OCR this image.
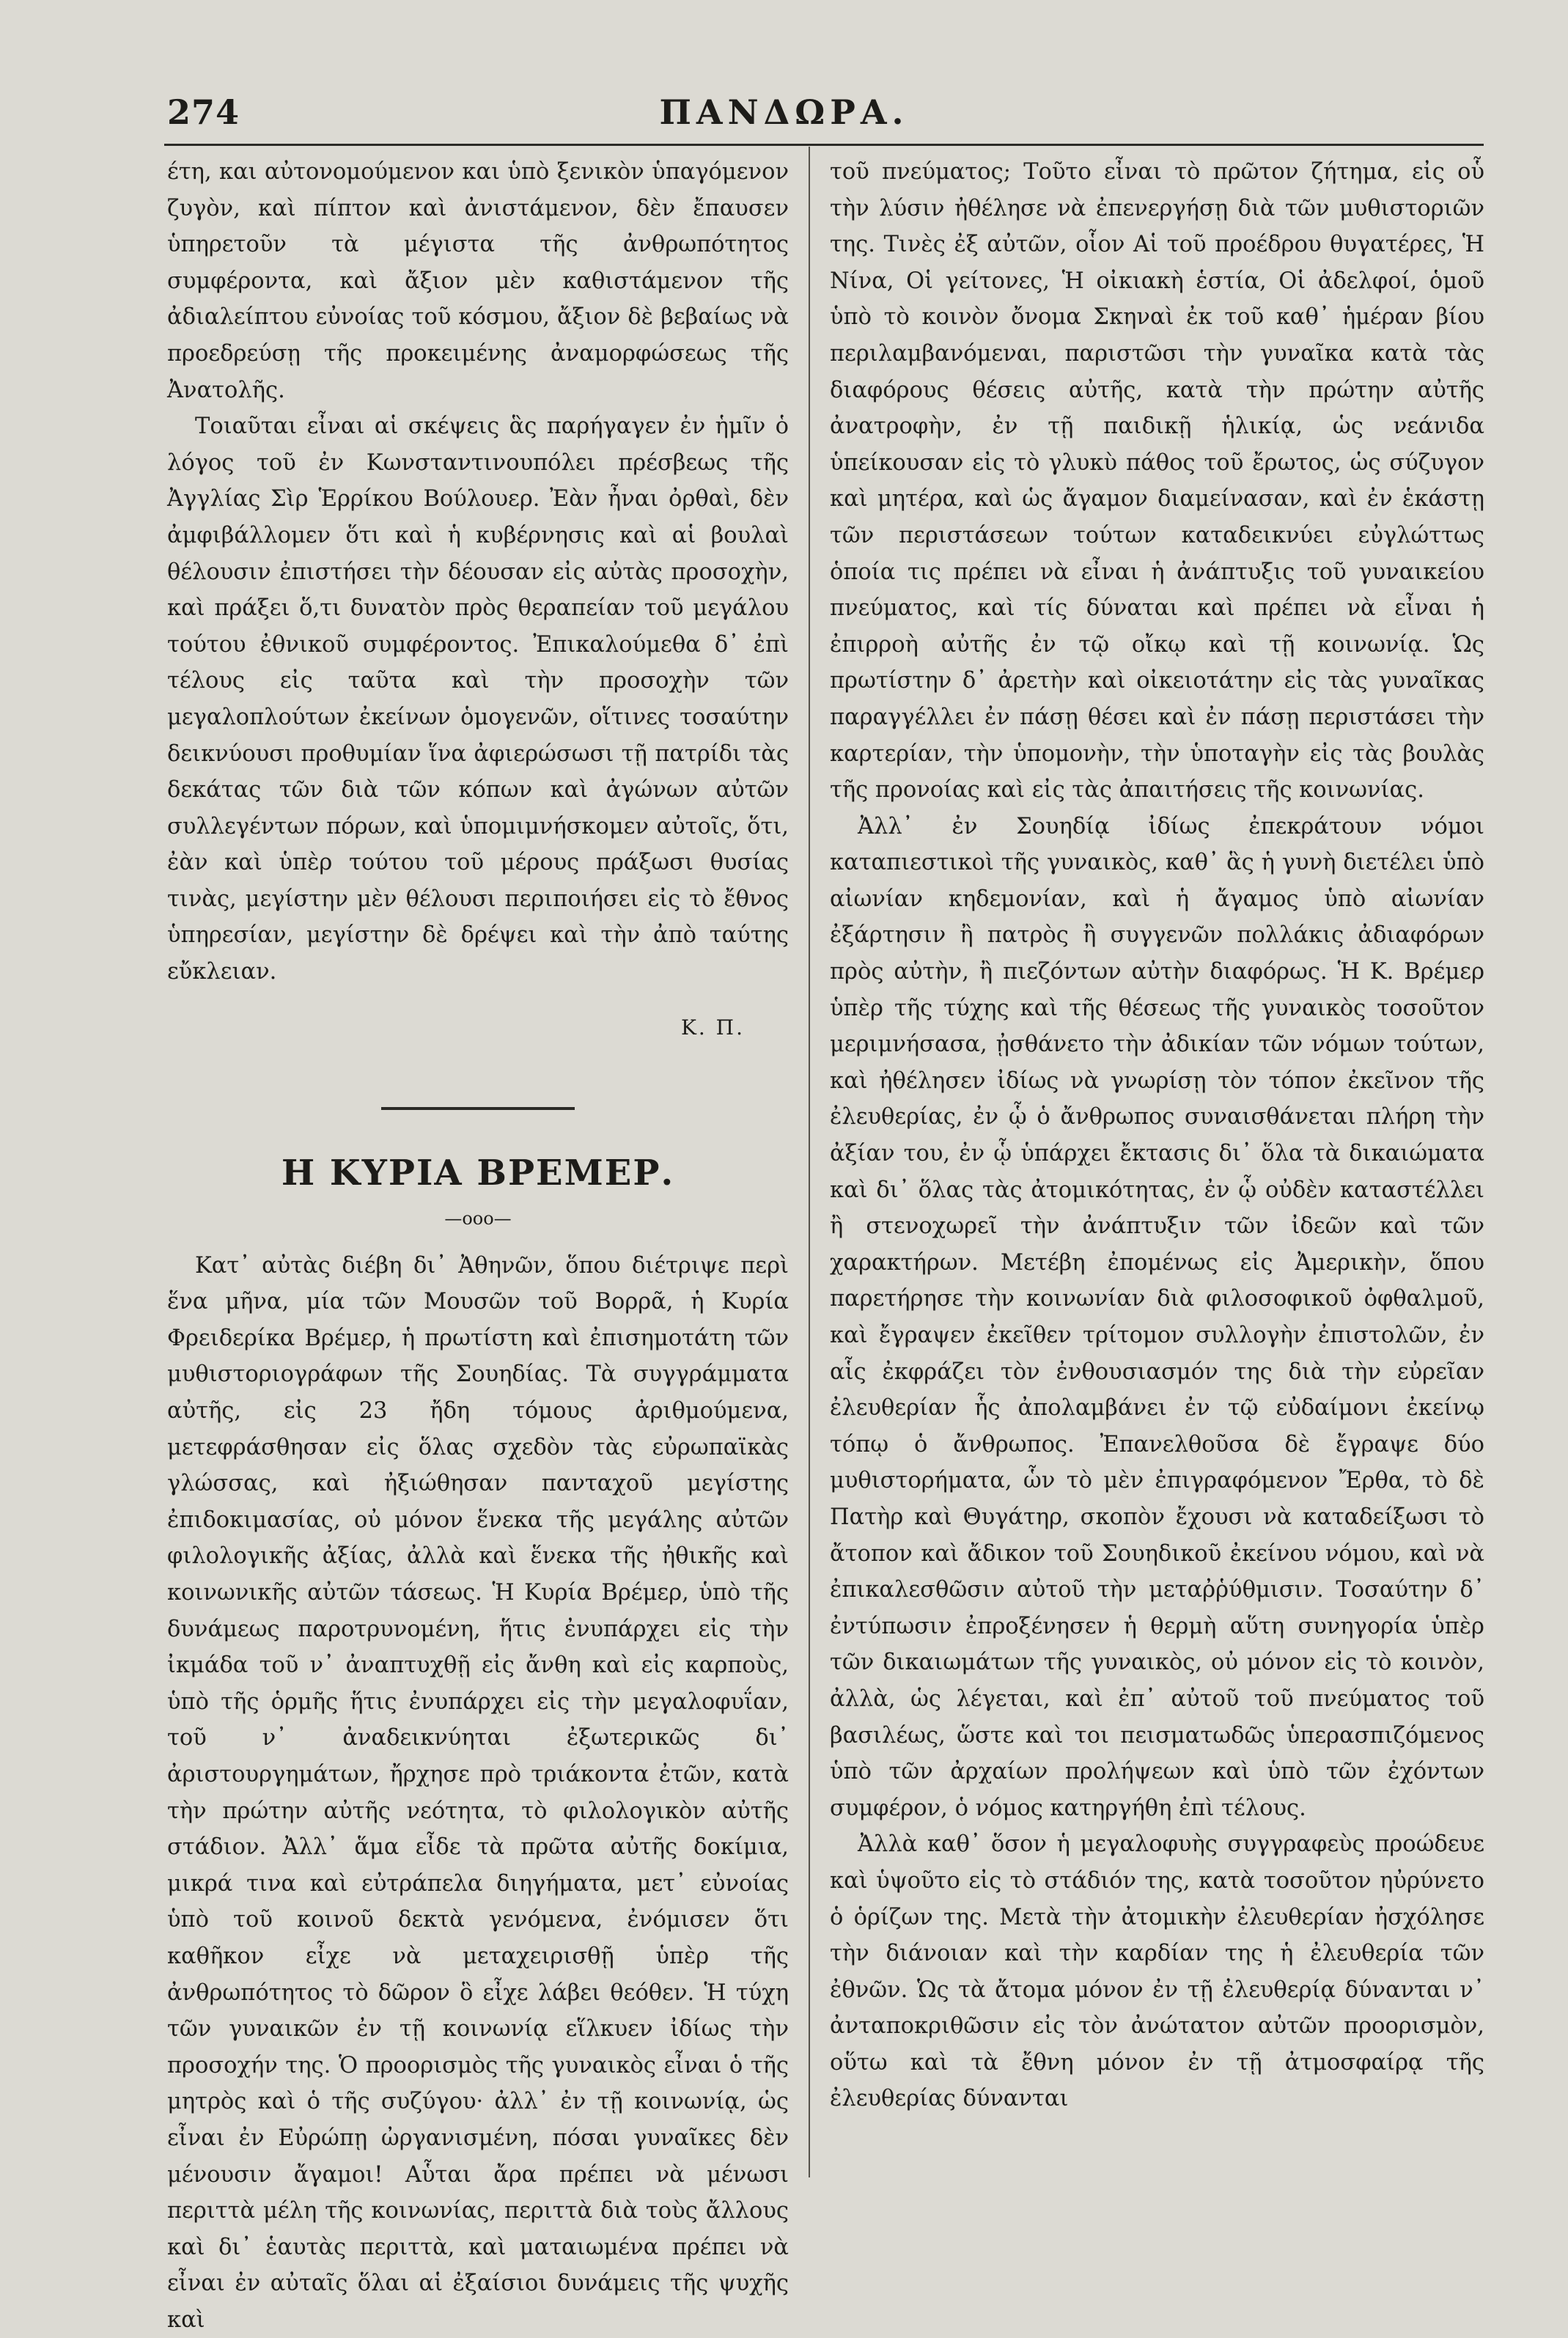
274	ΠΑΝΔΩΡΑ.

έτη, και αὐτονομούμενον και ὑπὸ ξενικὸν ὑπαγόμενον ζυγὸν, καὶ πίπτον καὶ ἀνιστάμενον, δὲν ἔπαυσεν ὑπηρετοῦν τὰ μέγιστα τῆς ἀνθρωπότητος συμφέροντα, καὶ ἄξιον μὲν καθιστάμενον τῆς ἀδιαλείπτου εὐνοίας τοῦ κόσμου, ἄξιον δὲ βεβαίως νὰ προεδρεύσῃ τῆς προκειμένης ἀναμορφώσεως τῆς Ἀνατολῆς.

Τοιαῦται εἶναι αἱ σκέψεις ἃς παρήγαγεν ἐν ἡμῖν ὁ λόγος τοῦ ἐν Κωνσταντινουπόλει πρέσβεως τῆς Ἀγγλίας Σὶρ Ἑρρίκου Βούλουερ. Ἐὰν ἦναι ὀρθαὶ, δὲν ἀμφιβάλλομεν ὅτι καὶ ἡ κυβέρνησις καὶ αἱ βουλαὶ θέλουσιν ἐπιστήσει τὴν δέουσαν εἰς αὐτὰς προσοχὴν, καὶ πράξει ὅ,τι δυνατὸν πρὸς θεραπείαν τοῦ μεγάλου τούτου ἐθνικοῦ συμφέροντος. Ἐπικαλούμεθα δ᾽ ἐπὶ τέλους εἰς ταῦτα καὶ τὴν προσοχὴν τῶν μεγαλοπλούτων ἐκείνων ὁμογενῶν, οἵτινες τοσαύτην δεικνύουσι προθυμίαν ἵνα ἀφιερώσωσι τῇ πατρίδι τὰς δεκάτας τῶν διὰ τῶν κόπων καὶ ἀγώνων αὐτῶν συλλεγέντων πόρων, καὶ ὑπομιμνήσκομεν αὐτοῖς, ὅτι, ἐὰν καὶ ὑπὲρ τούτου τοῦ μέρους πράξωσι θυσίας τινὰς, μεγίστην μὲν θέλουσι περιποιήσει εἰς τὸ ἔθνος ὑπηρεσίαν, μεγίστην δὲ δρέψει καὶ τὴν ἀπὸ ταύτης εὔκλειαν.

Κ. Π.
Η ΚΥΡΙΑ ΒΡΕΜΕΡ.
—ooo—

Κατ᾽ αὐτὰς διέβη δι᾽ Ἀθηνῶν, ὅπου διέτριψε περὶ ἕνα μῆνα, μία τῶν Μουσῶν τοῦ Βορρᾶ, ἡ Κυρία Φρειδερίκα Βρέμερ, ἡ πρωτίστη καὶ ἐπισημοτάτη τῶν μυθιστοριογράφων τῆς Σουηδίας. Τὰ συγγράμματα αὐτῆς, εἰς 23 ἤδη τόμους ἀριθμούμενα, μετεφράσθησαν εἰς ὅλας σχεδὸν τὰς εὐρωπαϊκὰς γλώσσας, καὶ ἠξιώθησαν πανταχοῦ μεγίστης ἐπιδοκιμασίας, οὐ μόνον ἕνεκα τῆς μεγάλης αὐτῶν φιλολογικῆς ἀξίας, ἀλλὰ καὶ ἕνεκα τῆς ἠθικῆς καὶ κοινωνικῆς αὐτῶν τάσεως. Ἡ Κυρία Βρέμερ, ὑπὸ τῆς δυνάμεως παροτρυνομένη, ἥτις ἐνυπάρχει εἰς τὴν ἰκμάδα τοῦ ν᾽ ἀναπτυχθῇ εἰς ἄνθη καὶ εἰς καρποὺς, ὑπὸ τῆς ὁρμῆς ἥτις ἐνυπάρχει εἰς τὴν μεγαλοφυΐαν, τοῦ ν᾽ ἀναδεικνύηται ἐξωτερικῶς δι᾽ ἀριστουργημάτων, ἤρχησε πρὸ τριάκοντα ἐτῶν, κατὰ τὴν πρώτην αὐτῆς νεότητα, τὸ φιλολογικὸν αὐτῆς στάδιον. Ἀλλ᾽ ἅμα εἶδε τὰ πρῶτα αὐτῆς δοκίμια, μικρά τινα καὶ εὐτράπελα διηγήματα, μετ᾽ εὐνοίας ὑπὸ τοῦ κοινοῦ δεκτὰ γενόμενα, ἐνόμισεν ὅτι καθῆκον εἶχε νὰ μεταχειρισθῇ ὑπὲρ τῆς ἀνθρωπότητος τὸ δῶρον ὃ εἶχε λάβει θεόθεν. Ἡ τύχη τῶν γυναικῶν ἐν τῇ κοινωνίᾳ εἵλκυεν ἰδίως τὴν προσοχήν της. Ὁ προορισμὸς τῆς γυναικὸς εἶναι ὁ τῆς μητρὸς καὶ ὁ τῆς συζύγου· ἀλλ᾽ ἐν τῇ κοινωνίᾳ, ὡς εἶναι ἐν Εὐρώπῃ ὠργανισμένη, πόσαι γυναῖκες δὲν μένουσιν ἄγαμοι! Αὗται ἄρα πρέπει νὰ μένωσι περιττὰ μέλη τῆς κοινωνίας, περιττὰ διὰ τοὺς ἄλλους καὶ δι᾽ ἑαυτὰς περιττὰ, καὶ ματαιωμένα πρέπει νὰ εἶναι ἐν αὐταῖς ὅλαι αἱ ἐξαίσιοι δυνάμεις τῆς ψυχῆς καὶ

τοῦ πνεύματος; Τοῦτο εἶναι τὸ πρῶτον ζήτημα, εἰς οὗ τὴν λύσιν ἠθέλησε νὰ ἐπενεργήσῃ διὰ τῶν μυθιστοριῶν της. Τινὲς ἐξ αὐτῶν, οἷον Αἱ τοῦ προέδρου θυγατέρες, Ἡ Νίνα, Οἱ γείτονες, Ἡ οἰκιακὴ ἑστία, Οἱ ἀδελφοί, ὁμοῦ ὑπὸ τὸ κοινὸν ὄνομα Σκηναὶ ἐκ τοῦ καθ᾽ ἡμέραν βίου περιλαμβανόμεναι, παριστῶσι τὴν γυναῖκα κατὰ τὰς διαφόρους θέσεις αὐτῆς, κατὰ τὴν πρώτην αὐτῆς ἀνατροφὴν, ἐν τῇ παιδικῇ ἡλικίᾳ, ὡς νεάνιδα ὑπείκουσαν εἰς τὸ γλυκὺ πάθος τοῦ ἔρωτος, ὡς σύζυγον καὶ μητέρα, καὶ ὡς ἄγαμον διαμείνασαν, καὶ ἐν ἑκάστῃ τῶν περιστάσεων τούτων καταδεικνύει εὐγλώττως ὁποία τις πρέπει νὰ εἶναι ἡ ἀνάπτυξις τοῦ γυναικείου πνεύματος, καὶ τίς δύναται καὶ πρέπει νὰ εἶναι ἡ ἐπιρροὴ αὐτῆς ἐν τῷ οἴκῳ καὶ τῇ κοινωνίᾳ. Ὡς πρωτίστην δ᾽ ἀρετὴν καὶ οἰκειοτάτην εἰς τὰς γυναῖκας παραγγέλλει ἐν πάσῃ θέσει καὶ ἐν πάσῃ περιστάσει τὴν καρτερίαν, τὴν ὑπομονὴν, τὴν ὑποταγὴν εἰς τὰς βουλὰς τῆς προνοίας καὶ εἰς τὰς ἀπαιτήσεις τῆς κοινωνίας.

Ἀλλ᾽ ἐν Σουηδίᾳ ἰδίως ἐπεκράτουν νόμοι καταπιεστικοὶ τῆς γυναικὸς, καθ᾽ ἃς ἡ γυνὴ διετέλει ὑπὸ αἰωνίαν κηδεμονίαν, καὶ ἡ ἄγαμος ὑπὸ αἰωνίαν ἐξάρτησιν ἢ πατρὸς ἢ συγγενῶν πολλάκις ἀδιαφόρων πρὸς αὐτὴν, ἢ πιεζόντων αὐτὴν διαφόρως. Ἡ Κ. Βρέμερ ὑπὲρ τῆς τύχης καὶ τῆς θέσεως τῆς γυναικὸς τοσοῦτον μεριμνήσασα, ᾐσθάνετο τὴν ἀδικίαν τῶν νόμων τούτων, καὶ ἠθέλησεν ἰδίως νὰ γνωρίσῃ τὸν τόπον ἐκεῖνον τῆς ἐλευθερίας, ἐν ᾧ ὁ ἄνθρωπος συναισθάνεται πλήρη τὴν ἀξίαν του, ἐν ᾧ ὑπάρχει ἔκτασις δι᾽ ὅλα τὰ δικαιώματα καὶ δι᾽ ὅλας τὰς ἀτομικότητας, ἐν ᾧ οὐδὲν καταστέλλει ἢ στενοχωρεῖ τὴν ἀνάπτυξιν τῶν ἰδεῶν καὶ τῶν χαρακτήρων. Μετέβη ἐπομένως εἰς Ἀμερικὴν, ὅπου παρετήρησε τὴν κοινωνίαν διὰ φιλοσοφικοῦ ὀφθαλμοῦ, καὶ ἔγραψεν ἐκεῖθεν τρίτομον συλλογὴν ἐπιστολῶν, ἐν αἷς ἐκφράζει τὸν ἐνθουσιασμόν της διὰ τὴν εὐρεῖαν ἐλευθερίαν ἧς ἀπολαμβάνει ἐν τῷ εὐδαίμονι ἐκείνῳ τόπῳ ὁ ἄνθρωπος. Ἐπανελθοῦσα δὲ ἔγραψε δύο μυθιστορήματα, ὧν τὸ μὲν ἐπιγραφόμενον Ἔρθα, τὸ δὲ Πατὴρ καὶ Θυγάτηρ, σκοπὸν ἔχουσι νὰ καταδείξωσι τὸ ἄτοπον καὶ ἄδικον τοῦ Σουηδικοῦ ἐκείνου νόμου, καὶ νὰ ἐπικαλεσθῶσιν αὐτοῦ τὴν μεταῤῥύθμισιν. Τοσαύτην δ᾽ ἐντύπωσιν ἐπροξένησεν ἡ θερμὴ αὕτη συνηγορία ὑπὲρ τῶν δικαιωμάτων τῆς γυναικὸς, οὐ μόνον εἰς τὸ κοινὸν, ἀλλὰ, ὡς λέγεται, καὶ ἐπ᾽ αὐτοῦ τοῦ πνεύματος τοῦ βασιλέως, ὥστε καὶ τοι πεισματωδῶς ὑπερασπιζόμενος ὑπὸ τῶν ἀρχαίων προλήψεων καὶ ὑπὸ τῶν ἐχόντων συμφέρον, ὁ νόμος κατηργήθη ἐπὶ τέλους.

Ἀλλὰ καθ᾽ ὅσον ἡ μεγαλοφυὴς συγγραφεὺς προώδευε καὶ ὑψοῦτο εἰς τὸ στάδιόν της, κατὰ τοσοῦτον ηὐρύνετο ὁ ὁρίζων της. Μετὰ τὴν ἀτομικὴν ἐλευθερίαν ἠσχόλησε τὴν διάνοιαν καὶ τὴν καρδίαν της ἡ ἐλευθερία τῶν ἐθνῶν. Ὡς τὰ ἄτομα μόνον ἐν τῇ ἐλευθερίᾳ δύνανται ν᾽ ἀνταποκριθῶσιν εἰς τὸν ἀνώτατον αὐτῶν προορισμὸν, οὕτω καὶ τὰ ἔθνη μόνον ἐν τῇ ἀτμοσφαίρᾳ τῆς ἐλευθερίας δύνανται
